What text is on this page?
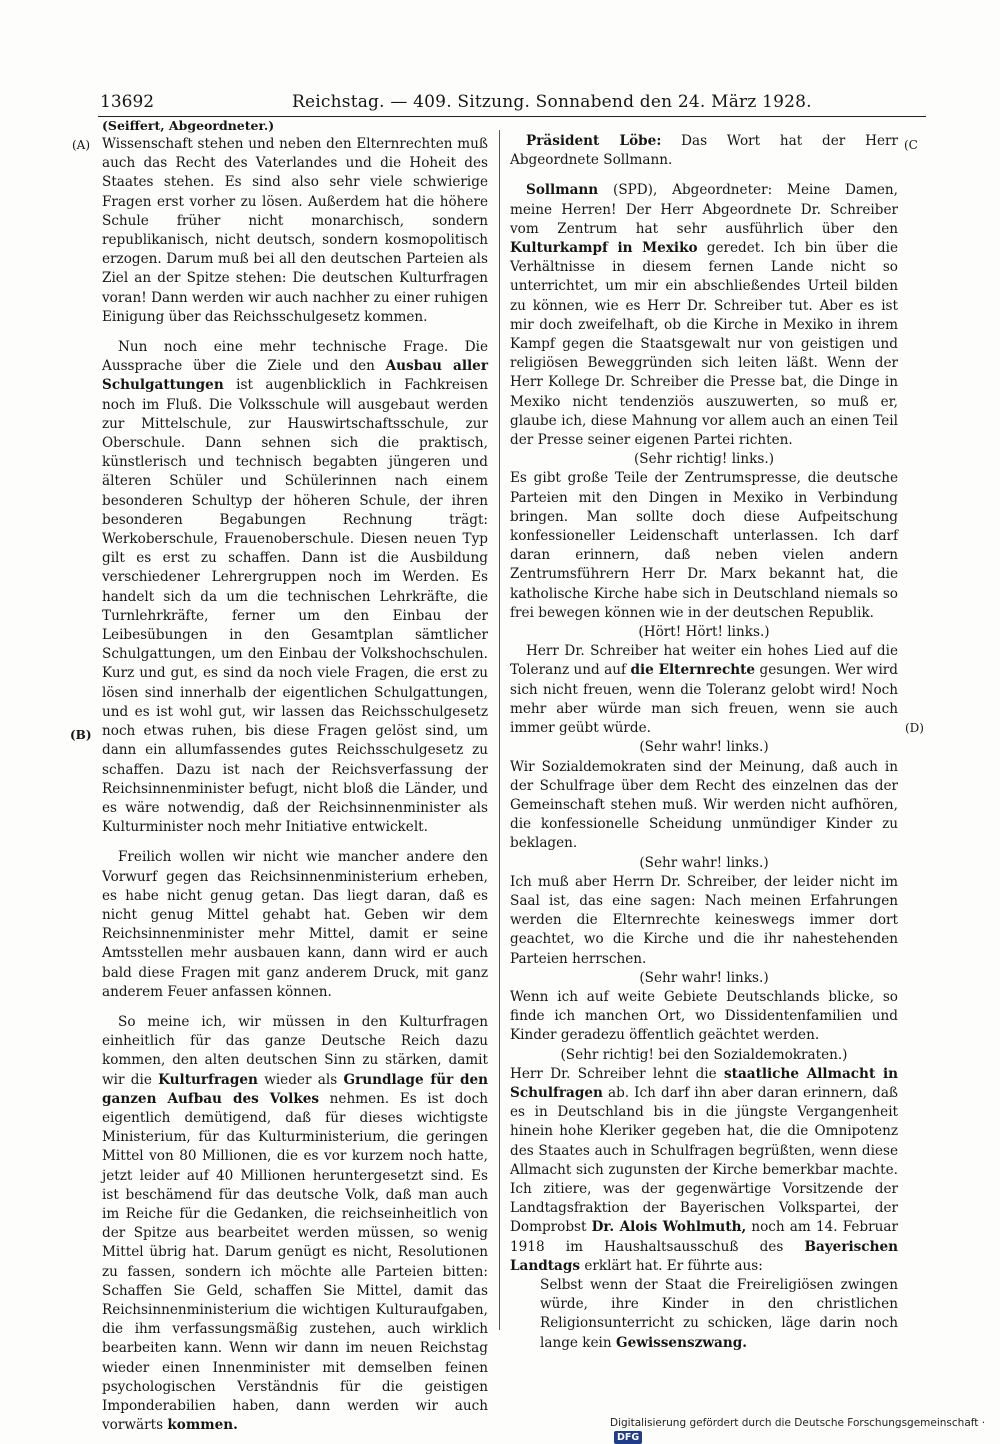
13692	Reichstag. — 409. Sitzung. Sonnabend den 24. März 1928.
(A)
(B)
(C
(D)
(Seiffert, Abgeordneter.)

Wissenschaft stehen und neben den Elternrechten muß auch das Recht des Vaterlandes und die Hoheit des Staates stehen. Es sind also sehr viele schwierige Fragen erst vorher zu lösen. Außerdem hat die höhere Schule früher nicht monarchisch, sondern republikanisch, nicht deutsch, sondern kosmopolitisch erzogen. Darum muß bei all den deutschen Parteien als Ziel an der Spitze stehen: Die deutschen Kulturfragen voran! Dann werden wir auch nachher zu einer ruhigen Einigung über das Reichsschulgesetz kommen.

Nun noch eine mehr technische Frage. Die Aussprache über die Ziele und den Ausbau aller Schulgattungen ist augenblicklich in Fachkreisen noch im Fluß. Die Volksschule will ausgebaut werden zur Mittelschule, zur Hauswirtschaftsschule, zur Oberschule. Dann sehnen sich die praktisch, künstlerisch und technisch begabten jüngeren und älteren Schüler und Schülerinnen nach einem besonderen Schultyp der höheren Schule, der ihren besonderen Begabungen Rechnung trägt: Werkoberschule, Frauenoberschule. Diesen neuen Typ gilt es erst zu schaffen. Dann ist die Ausbildung verschiedener Lehrergruppen noch im Werden. Es handelt sich da um die technischen Lehrkräfte, die Turnlehrkräfte, ferner um den Einbau der Leibesübungen in den Gesamtplan sämtlicher Schulgattungen, um den Einbau der Volkshochschulen. Kurz und gut, es sind da noch viele Fragen, die erst zu lösen sind innerhalb der eigentlichen Schulgattungen, und es ist wohl gut, wir lassen das Reichsschulgesetz noch etwas ruhen, bis diese Fragen gelöst sind, um dann ein allumfassendes gutes Reichsschulgesetz zu schaffen. Dazu ist nach der Reichsverfassung der Reichsinnenminister befugt, nicht bloß die Länder, und es wäre notwendig, daß der Reichsinnenminister als Kulturminister noch mehr Initiative entwickelt.

Freilich wollen wir nicht wie mancher andere den Vorwurf gegen das Reichsinnenministerium erheben, es habe nicht genug getan. Das liegt daran, daß es nicht genug Mittel gehabt hat. Geben wir dem Reichsinnenminister mehr Mittel, damit er seine Amtsstellen mehr ausbauen kann, dann wird er auch bald diese Fragen mit ganz anderem Druck, mit ganz anderem Feuer anfassen können.

So meine ich, wir müssen in den Kulturfragen einheitlich für das ganze Deutsche Reich dazu kommen, den alten deutschen Sinn zu stärken, damit wir die Kulturfragen wieder als Grundlage für den ganzen Aufbau des Volkes nehmen. Es ist doch eigentlich demütigend, daß für dieses wichtigste Ministerium, für das Kulturministerium, die geringen Mittel von 80 Millionen, die es vor kurzem noch hatte, jetzt leider auf 40 Millionen heruntergesetzt sind. Es ist beschämend für das deutsche Volk, daß man auch im Reiche für die Gedanken, die reichseinheitlich von der Spitze aus bearbeitet werden müssen, so wenig Mittel übrig hat. Darum genügt es nicht, Resolutionen zu fassen, sondern ich möchte alle Parteien bitten: Schaffen Sie Geld, schaffen Sie Mittel, damit das Reichsinnenministerium die wichtigen Kulturaufgaben, die ihm verfassungsmäßig zustehen, auch wirklich bearbeiten kann. Wenn wir dann im neuen Reichstag wieder einen Innenminister mit demselben feinen psychologischen Verständnis für die geistigen Imponderabilien haben, dann werden wir auch vorwärts kommen.

Präsident Löbe: Das Wort hat der Herr Abgeordnete Sollmann.

Sollmann (SPD), Abgeordneter: Meine Damen, meine Herren! Der Herr Abgeordnete Dr. Schreiber vom Zentrum hat sehr ausführlich über den Kulturkampf in Mexiko geredet. Ich bin über die Verhältnisse in diesem fernen Lande nicht so unterrichtet, um mir ein abschließendes Urteil bilden zu können, wie es Herr Dr. Schreiber tut. Aber es ist mir doch zweifelhaft, ob die Kirche in Mexiko in ihrem Kampf gegen die Staatsgewalt nur von geistigen und religiösen Beweggründen sich leiten läßt. Wenn der Herr Kollege Dr. Schreiber die Presse bat, die Dinge in Mexiko nicht tendenziös auszuwerten, so muß er, glaube ich, diese Mahnung vor allem auch an einen Teil der Presse seiner eigenen Partei richten.

(Sehr richtig! links.)

Es gibt große Teile der Zentrumspresse, die deutsche Parteien mit den Dingen in Mexiko in Verbindung bringen. Man sollte doch diese Aufpeitschung konfessioneller Leidenschaft unterlassen. Ich darf daran erinnern, daß neben vielen andern Zentrumsführern Herr Dr. Marx bekannt hat, die katholische Kirche habe sich in Deutschland niemals so frei bewegen können wie in der deutschen Republik.

(Hört! Hört! links.)

Herr Dr. Schreiber hat weiter ein hohes Lied auf die Toleranz und auf die Elternrechte gesungen. Wer wird sich nicht freuen, wenn die Toleranz gelobt wird! Noch mehr aber würde man sich freuen, wenn sie auch immer geübt würde.

(Sehr wahr! links.)

Wir Sozialdemokraten sind der Meinung, daß auch in der Schulfrage über dem Recht des einzelnen das der Gemeinschaft stehen muß. Wir werden nicht aufhören, die konfessionelle Scheidung unmündiger Kinder zu beklagen.

(Sehr wahr! links.)

Ich muß aber Herrn Dr. Schreiber, der leider nicht im Saal ist, das eine sagen: Nach meinen Erfahrungen werden die Elternrechte keineswegs immer dort geachtet, wo die Kirche und die ihr nahestehenden Parteien herrschen.

(Sehr wahr! links.)

Wenn ich auf weite Gebiete Deutschlands blicke, so finde ich manchen Ort, wo Dissidentenfamilien und Kinder geradezu öffentlich geächtet werden.

(Sehr richtig! bei den Sozialdemokraten.)

Herr Dr. Schreiber lehnt die staatliche Allmacht in Schulfragen ab. Ich darf ihn aber daran erinnern, daß es in Deutschland bis in die jüngste Vergangenheit hinein hohe Kleriker gegeben hat, die die Omnipotenz des Staates auch in Schulfragen begrüßten, wenn diese Allmacht sich zugunsten der Kirche bemerkbar machte. Ich zitiere, was der gegenwärtige Vorsitzende der Landtagsfraktion der Bayerischen Volkspartei, der Domprobst Dr. Alois Wohlmuth, noch am 14. Februar 1918 im Haushaltsausschuß des Bayerischen Landtags erklärt hat. Er führte aus:

Selbst wenn der Staat die Freireligiösen zwingen würde, ihre Kinder in den christlichen Religionsunterricht zu schicken, läge darin noch lange kein Gewissenszwang.

Digitalisierung gefördert durch die Deutsche Forschungsgemeinschaft ·DFG
